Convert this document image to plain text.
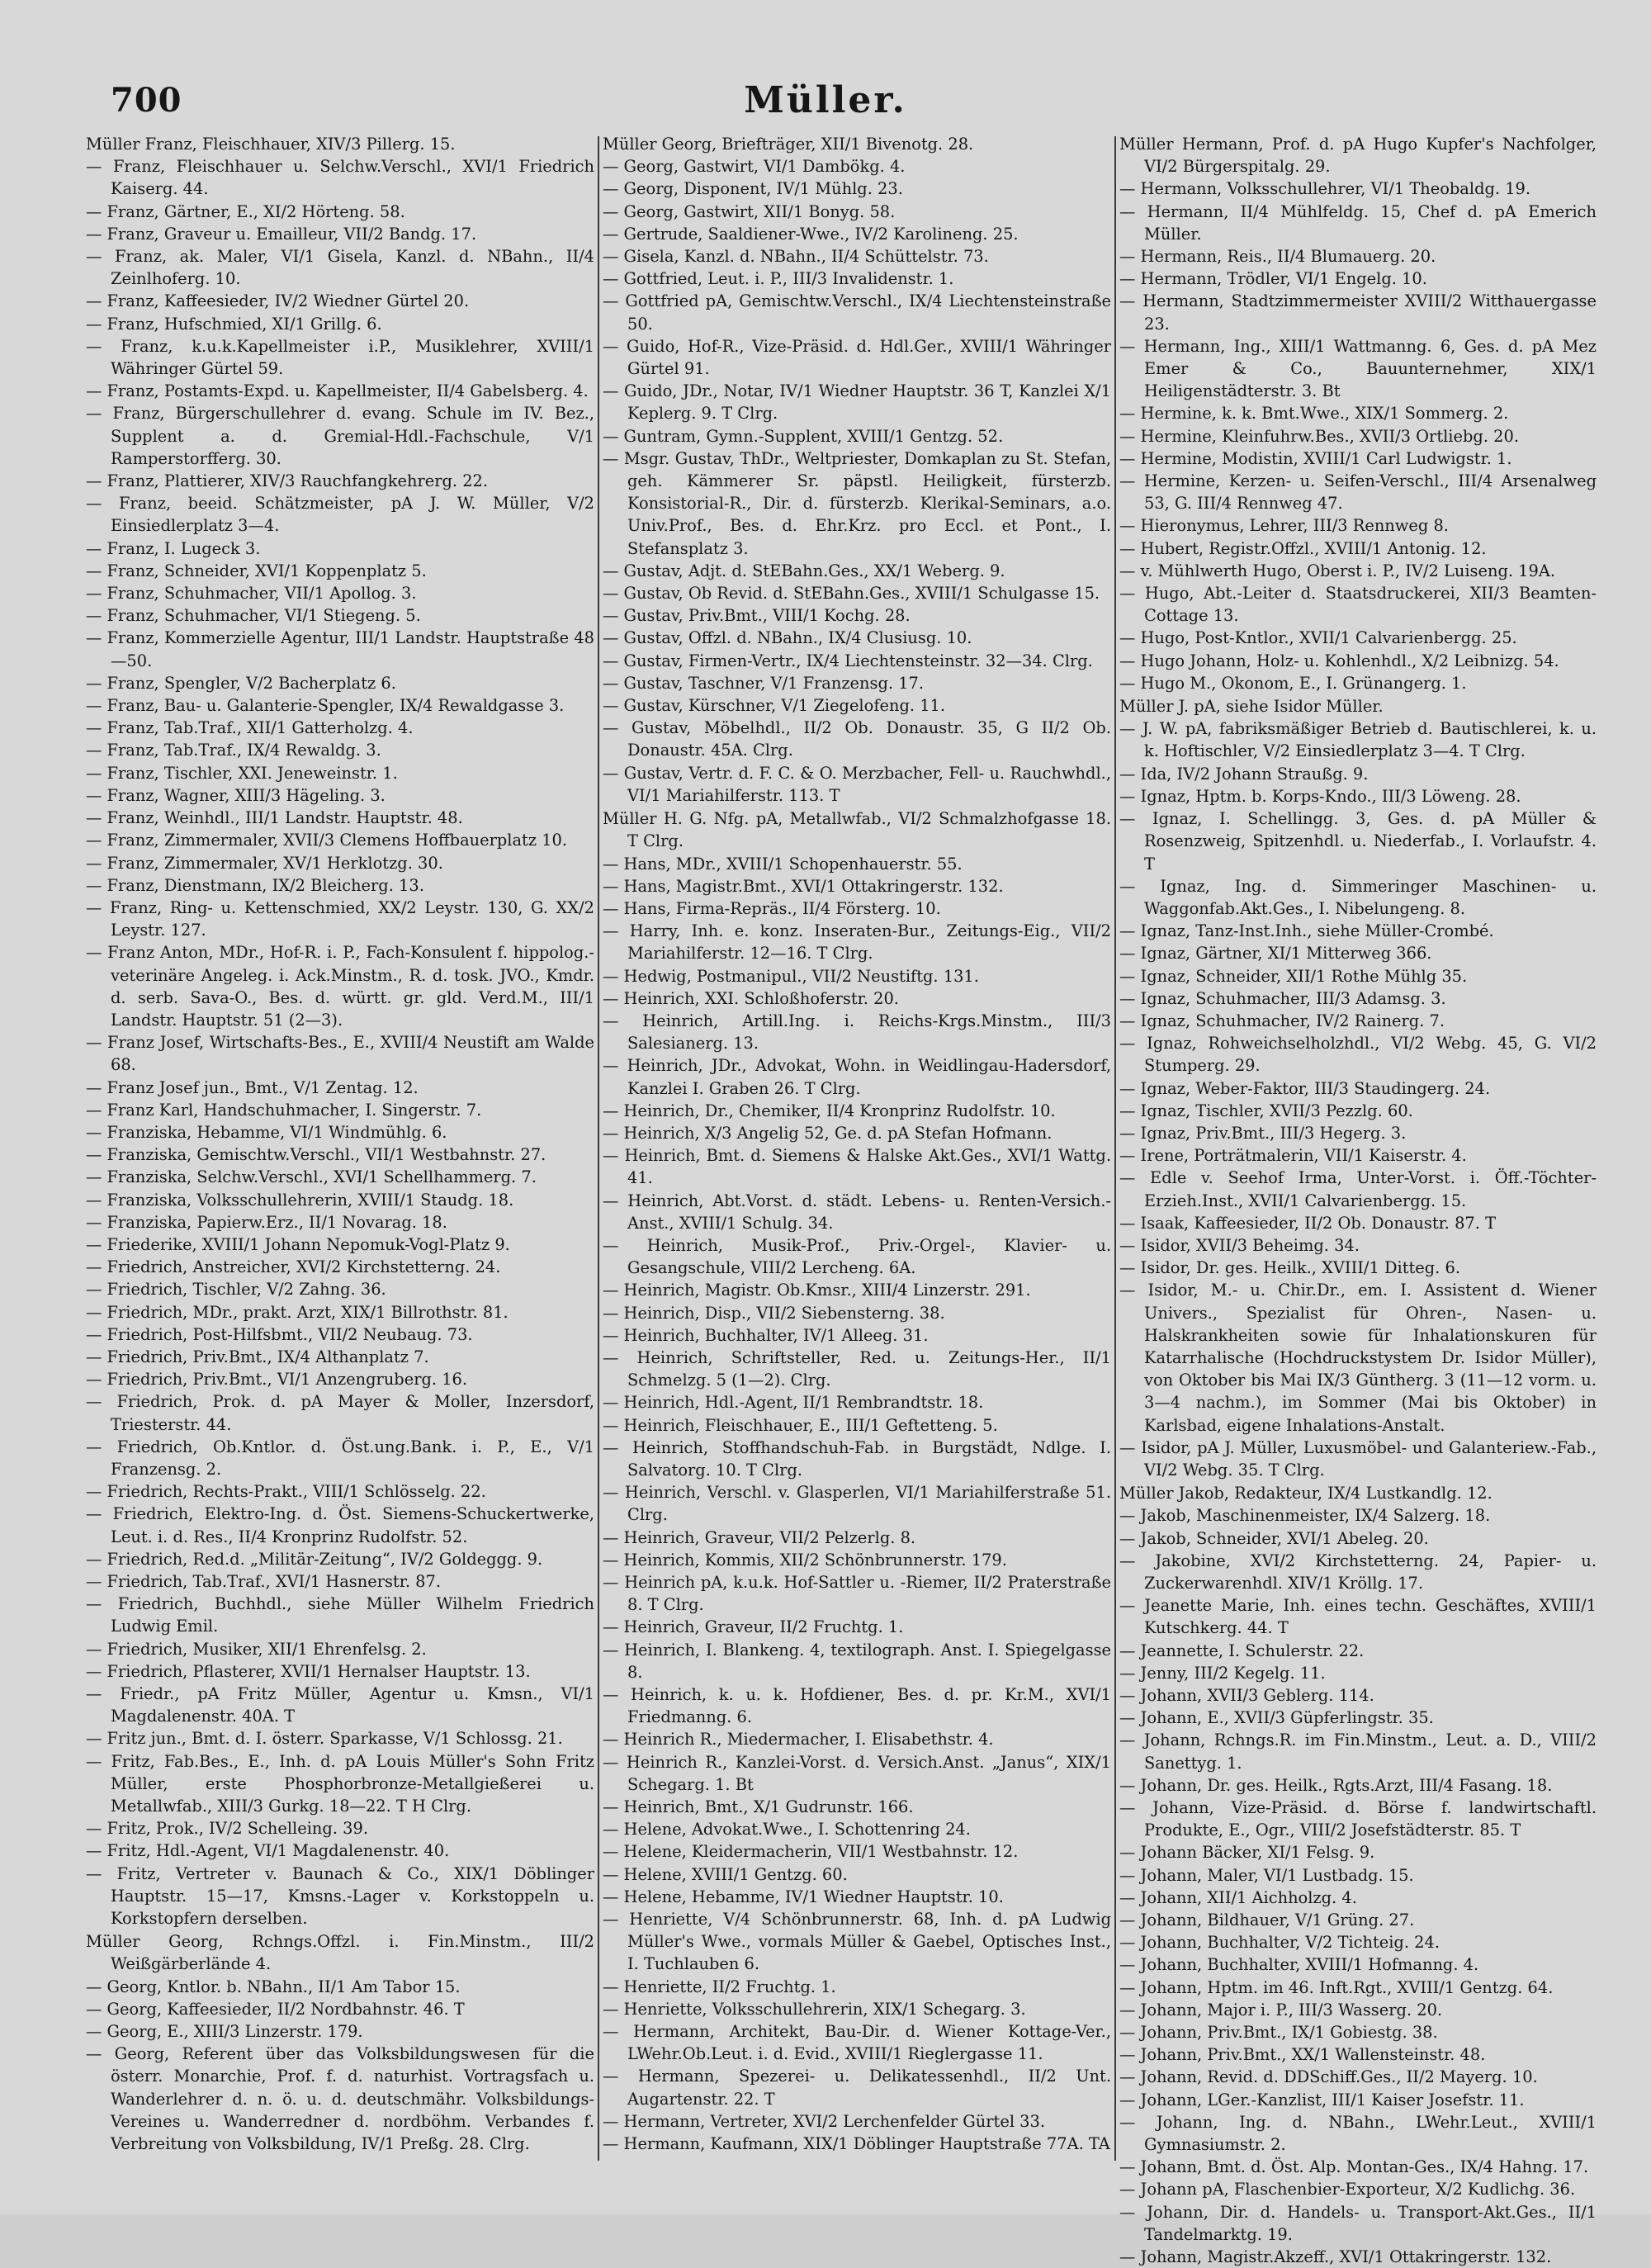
700	Müller.

Müller Franz, Fleischhauer, XIV/3 Pillerg. 15.

— Franz, Fleischhauer u. Selchw.Verschl., XVI/1 Friedrich Kaiserg. 44.

— Franz, Gärtner, E., XI/2 Hörteng. 58.

— Franz, Graveur u. Emailleur, VII/2 Bandg. 17.

— Franz, ak. Maler, VI/1 Gisela, Kanzl. d. NBahn., II/4 Zeinlhoferg. 10.

— Franz, Kaffeesieder, IV/2 Wiedner Gürtel 20.

— Franz, Hufschmied, XI/1 Grillg. 6.

— Franz, k.u.k.Kapellmeister i.P., Musiklehrer, XVIII/1 Währinger Gürtel 59.

— Franz, Postamts-Expd. u. Kapellmeister, II/4 Gabelsberg. 4.

— Franz, Bürgerschullehrer d. evang. Schule im IV. Bez., Supplent a. d. Gremial-Hdl.-Fachschule, V/1 Ramperstorfferg. 30.

— Franz, Plattierer, XIV/3 Rauchfangkehrerg. 22.

— Franz, beeid. Schätzmeister, pA J. W. Müller, V/2 Einsiedlerplatz 3—4.

— Franz, I. Lugeck 3.

— Franz, Schneider, XVI/1 Koppenplatz 5.

— Franz, Schuhmacher, VII/1 Apollog. 3.

— Franz, Schuhmacher, VI/1 Stiegeng. 5.

— Franz, Kommerzielle Agentur, III/1 Landstr. Hauptstraße 48—50.

— Franz, Spengler, V/2 Bacherplatz 6.

— Franz, Bau- u. Galanterie-Spengler, IX/4 Rewaldgasse 3.

— Franz, Tab.Traf., XII/1 Gatterholzg. 4.

— Franz, Tab.Traf., IX/4 Rewaldg. 3.

— Franz, Tischler, XXI. Jeneweinstr. 1.

— Franz, Wagner, XIII/3 Hägeling. 3.

— Franz, Weinhdl., III/1 Landstr. Hauptstr. 48.

— Franz, Zimmermaler, XVII/3 Clemens Hoffbauerplatz 10.

— Franz, Zimmermaler, XV/1 Herklotzg. 30.

— Franz, Dienstmann, IX/2 Bleicherg. 13.

— Franz, Ring- u. Kettenschmied, XX/2 Leystr. 130, G. XX/2 Leystr. 127.

— Franz Anton, MDr., Hof-R. i. P., Fach-Konsulent f. hippolog.-veterinäre Angeleg. i. Ack.Minstm., R. d. tosk. JVO., Kmdr. d. serb. Sava-O., Bes. d. württ. gr. gld. Verd.M., III/1 Landstr. Hauptstr. 51 (2—3).

— Franz Josef, Wirtschafts-Bes., E., XVIII/4 Neustift am Walde 68.

— Franz Josef jun., Bmt., V/1 Zentag. 12.

— Franz Karl, Handschuhmacher, I. Singerstr. 7.

— Franziska, Hebamme, VI/1 Windmühlg. 6.

— Franziska, Gemischtw.Verschl., VII/1 Westbahnstr. 27.

— Franziska, Selchw.Verschl., XVI/1 Schellhammerg. 7.

— Franziska, Volksschullehrerin, XVIII/1 Staudg. 18.

— Franziska, Papierw.Erz., II/1 Novarag. 18.

— Friederike, XVIII/1 Johann Nepomuk-Vogl-Platz 9.

— Friedrich, Anstreicher, XVI/2 Kirchstetterng. 24.

— Friedrich, Tischler, V/2 Zahng. 36.

— Friedrich, MDr., prakt. Arzt, XIX/1 Billrothstr. 81.

— Friedrich, Post-Hilfsbmt., VII/2 Neubaug. 73.

— Friedrich, Priv.Bmt., IX/4 Althanplatz 7.

— Friedrich, Priv.Bmt., VI/1 Anzengruberg. 16.

— Friedrich, Prok. d. pA Mayer & Moller, Inzersdorf, Triesterstr. 44.

— Friedrich, Ob.Kntlor. d. Öst.ung.Bank. i. P., E., V/1 Franzensg. 2.

— Friedrich, Rechts-Prakt., VIII/1 Schlösselg. 22.

— Friedrich, Elektro-Ing. d. Öst. Siemens-Schuckertwerke, Leut. i. d. Res., II/4 Kronprinz Rudolfstr. 52.

— Friedrich, Red.d. „Militär-Zeitung“, IV/2 Goldeggg. 9.

— Friedrich, Tab.Traf., XVI/1 Hasnerstr. 87.

— Friedrich, Buchhdl., siehe Müller Wilhelm Friedrich Ludwig Emil.

— Friedrich, Musiker, XII/1 Ehrenfelsg. 2.

— Friedrich, Pflasterer, XVII/1 Hernalser Hauptstr. 13.

— Friedr., pA Fritz Müller, Agentur u. Kmsn., VI/1 Magdalenenstr. 40A. T

— Fritz jun., Bmt. d. I. österr. Sparkasse, V/1 Schlossg. 21.

— Fritz, Fab.Bes., E., Inh. d. pA Louis Müller's Sohn Fritz Müller, erste Phosphorbronze-Metallgießerei u. Metallwfab., XIII/3 Gurkg. 18—22. T H Clrg.

— Fritz, Prok., IV/2 Schelleing. 39.

— Fritz, Hdl.-Agent, VI/1 Magdalenenstr. 40.

— Fritz, Vertreter v. Baunach & Co., XIX/1 Döblinger Hauptstr. 15—17, Kmsns.-Lager v. Korkstoppeln u. Korkstopfern derselben.

Müller Georg, Rchngs.Offzl. i. Fin.Minstm., III/2 Weißgärberlände 4.

— Georg, Kntlor. b. NBahn., II/1 Am Tabor 15.

— Georg, Kaffeesieder, II/2 Nordbahnstr. 46. T

— Georg, E., XIII/3 Linzerstr. 179.

— Georg, Referent über das Volksbildungswesen für die österr. Monarchie, Prof. f. d. naturhist. Vortragsfach u. Wanderlehrer d. n. ö. u. d. deutschmähr. Volksbildungs-Vereines u. Wanderredner d. nordböhm. Verbandes f. Verbreitung von Volksbildung, IV/1 Preßg. 28. Clrg.

Müller Georg, Briefträger, XII/1 Bivenotg. 28.

— Georg, Gastwirt, VI/1 Dambökg. 4.

— Georg, Disponent, IV/1 Mühlg. 23.

— Georg, Gastwirt, XII/1 Bonyg. 58.

— Gertrude, Saaldiener-Wwe., IV/2 Karolineng. 25.

— Gisela, Kanzl. d. NBahn., II/4 Schüttelstr. 73.

— Gottfried, Leut. i. P., III/3 Invalidenstr. 1.

— Gottfried pA, Gemischtw.Verschl., IX/4 Liechtensteinstraße 50.

— Guido, Hof-R., Vize-Präsid. d. Hdl.Ger., XVIII/1 Währinger Gürtel 91.

— Guido, JDr., Notar, IV/1 Wiedner Hauptstr. 36 T, Kanzlei X/1 Keplerg. 9. T Clrg.

— Guntram, Gymn.-Supplent, XVIII/1 Gentzg. 52.

— Msgr. Gustav, ThDr., Weltpriester, Domkaplan zu St. Stefan, geh. Kämmerer Sr. päpstl. Heiligkeit, fürsterzb. Konsistorial-R., Dir. d. fürsterzb. Klerikal-Seminars, a.o. Univ.Prof., Bes. d. Ehr.Krz. pro Eccl. et Pont., I. Stefansplatz 3.

— Gustav, Adjt. d. StEBahn.Ges., XX/1 Weberg. 9.

— Gustav, Ob Revid. d. StEBahn.Ges., XVIII/1 Schulgasse 15.

— Gustav, Priv.Bmt., VIII/1 Kochg. 28.

— Gustav, Offzl. d. NBahn., IX/4 Clusiusg. 10.

— Gustav, Firmen-Vertr., IX/4 Liechtensteinstr. 32—34. Clrg.

— Gustav, Taschner, V/1 Franzensg. 17.

— Gustav, Kürschner, V/1 Ziegelofeng. 11.

— Gustav, Möbelhdl., II/2 Ob. Donaustr. 35, G II/2 Ob. Donaustr. 45A. Clrg.

— Gustav, Vertr. d. F. C. & O. Merzbacher, Fell- u. Rauchwhdl., VI/1 Mariahilferstr. 113. T

Müller H. G. Nfg. pA, Metallwfab., VI/2 Schmalzhofgasse 18. T Clrg.

— Hans, MDr., XVIII/1 Schopenhauerstr. 55.

— Hans, Magistr.Bmt., XVI/1 Ottakringerstr. 132.

— Hans, Firma-Repräs., II/4 Försterg. 10.

— Harry, Inh. e. konz. Inseraten-Bur., Zeitungs-Eig., VII/2 Mariahilferstr. 12—16. T Clrg.

— Hedwig, Postmanipul., VII/2 Neustiftg. 131.

— Heinrich, XXI. Schloßhoferstr. 20.

— Heinrich, Artill.Ing. i. Reichs-Krgs.Minstm., III/3 Salesianerg. 13.

— Heinrich, JDr., Advokat, Wohn. in Weidlingau-Hadersdorf, Kanzlei I. Graben 26. T Clrg.

— Heinrich, Dr., Chemiker, II/4 Kronprinz Rudolfstr. 10.

— Heinrich, X/3 Angelig 52, Ge. d. pA Stefan Hofmann.

— Heinrich, Bmt. d. Siemens & Halske Akt.Ges., XVI/1 Wattg. 41.

— Heinrich, Abt.Vorst. d. städt. Lebens- u. Renten-Versich.-Anst., XVIII/1 Schulg. 34.

— Heinrich, Musik-Prof., Priv.-Orgel-, Klavier- u. Gesangschule, VIII/2 Lercheng. 6A.

— Heinrich, Magistr. Ob.Kmsr., XIII/4 Linzerstr. 291.

— Heinrich, Disp., VII/2 Siebensterng. 38.

— Heinrich, Buchhalter, IV/1 Alleeg. 31.

— Heinrich, Schriftsteller, Red. u. Zeitungs-Her., II/1 Schmelzg. 5 (1—2). Clrg.

— Heinrich, Hdl.-Agent, II/1 Rembrandtstr. 18.

— Heinrich, Fleischhauer, E., III/1 Geftetteng. 5.

— Heinrich, Stoffhandschuh-Fab. in Burgstädt, Ndlge. I. Salvatorg. 10. T Clrg.

— Heinrich, Verschl. v. Glasperlen, VI/1 Mariahilferstraße 51. Clrg.

— Heinrich, Graveur, VII/2 Pelzerlg. 8.

— Heinrich, Kommis, XII/2 Schönbrunnerstr. 179.

— Heinrich pA, k.u.k. Hof-Sattler u. -Riemer, II/2 Praterstraße 8. T Clrg.

— Heinrich, Graveur, II/2 Fruchtg. 1.

— Heinrich, I. Blankeng. 4, textilograph. Anst. I. Spiegelgasse 8.

— Heinrich, k. u. k. Hofdiener, Bes. d. pr. Kr.M., XVI/1 Friedmanng. 6.

— Heinrich R., Miedermacher, I. Elisabethstr. 4.

— Heinrich R., Kanzlei-Vorst. d. Versich.Anst. „Janus“, XIX/1 Schegarg. 1. Bt

— Heinrich, Bmt., X/1 Gudrunstr. 166.

— Helene, Advokat.Wwe., I. Schottenring 24.

— Helene, Kleidermacherin, VII/1 Westbahnstr. 12.

— Helene, XVIII/1 Gentzg. 60.

— Helene, Hebamme, IV/1 Wiedner Hauptstr. 10.

— Henriette, V/4 Schönbrunnerstr. 68, Inh. d. pA Ludwig Müller's Wwe., vormals Müller & Gaebel, Optisches Inst., I. Tuchlauben 6.

— Henriette, II/2 Fruchtg. 1.

— Henriette, Volksschullehrerin, XIX/1 Schegarg. 3.

— Hermann, Architekt, Bau-Dir. d. Wiener Kottage-Ver., LWehr.Ob.Leut. i. d. Evid., XVIII/1 Rieglergasse 11.

— Hermann, Spezerei- u. Delikatessenhdl., II/2 Unt. Augartenstr. 22. T

— Hermann, Vertreter, XVI/2 Lerchenfelder Gürtel 33.

— Hermann, Kaufmann, XIX/1 Döblinger Hauptstraße 77A. TA

Müller Hermann, Prof. d. pA Hugo Kupfer's Nachfolger, VI/2 Bürgerspitalg. 29.

— Hermann, Volksschullehrer, VI/1 Theobaldg. 19.

— Hermann, II/4 Mühlfeldg. 15, Chef d. pA Emerich Müller.

— Hermann, Reis., II/4 Blumauerg. 20.

— Hermann, Trödler, VI/1 Engelg. 10.

— Hermann, Stadtzimmermeister XVIII/2 Witthauergasse 23.

— Hermann, Ing., XIII/1 Wattmanng. 6, Ges. d. pA Mez Emer & Co., Bauunternehmer, XIX/1 Heiligenstädterstr. 3. Bt

— Hermine, k. k. Bmt.Wwe., XIX/1 Sommerg. 2.

— Hermine, Kleinfuhrw.Bes., XVII/3 Ortliebg. 20.

— Hermine, Modistin, XVIII/1 Carl Ludwigstr. 1.

— Hermine, Kerzen- u. Seifen-Verschl., III/4 Arsenalweg 53, G. III/4 Rennweg 47.

— Hieronymus, Lehrer, III/3 Rennweg 8.

— Hubert, Registr.Offzl., XVIII/1 Antonig. 12.

— v. Mühlwerth Hugo, Oberst i. P., IV/2 Luiseng. 19A.

— Hugo, Abt.-Leiter d. Staatsdruckerei, XII/3 Beamten-Cottage 13.

— Hugo, Post-Kntlor., XVII/1 Calvarienbergg. 25.

— Hugo Johann, Holz- u. Kohlenhdl., X/2 Leibnizg. 54.

— Hugo M., Okonom, E., I. Grünangerg. 1.

Müller J. pA, siehe Isidor Müller.

— J. W. pA, fabriksmäßiger Betrieb d. Bautischlerei, k. u. k. Hoftischler, V/2 Einsiedlerplatz 3—4. T Clrg.

— Ida, IV/2 Johann Straußg. 9.

— Ignaz, Hptm. b. Korps-Kndo., III/3 Löweng. 28.

— Ignaz, I. Schellingg. 3, Ges. d. pA Müller & Rosenzweig, Spitzenhdl. u. Niederfab., I. Vorlaufstr. 4. T

— Ignaz, Ing. d. Simmeringer Maschinen- u. Waggonfab.Akt.Ges., I. Nibelungeng. 8.

— Ignaz, Tanz-Inst.Inh., siehe Müller-Crombé.

— Ignaz, Gärtner, XI/1 Mitterweg 366.

— Ignaz, Schneider, XII/1 Rothe Mühlg 35.

— Ignaz, Schuhmacher, III/3 Adamsg. 3.

— Ignaz, Schuhmacher, IV/2 Rainerg. 7.

— Ignaz, Rohweichselholzhdl., VI/2 Webg. 45, G. VI/2 Stumperg. 29.

— Ignaz, Weber-Faktor, III/3 Staudingerg. 24.

— Ignaz, Tischler, XVII/3 Pezzlg. 60.

— Ignaz, Priv.Bmt., III/3 Hegerg. 3.

— Irene, Porträtmalerin, VII/1 Kaiserstr. 4.

— Edle v. Seehof Irma, Unter-Vorst. i. Öff.-Töchter-Erzieh.Inst., XVII/1 Calvarienbergg. 15.

— Isaak, Kaffeesieder, II/2 Ob. Donaustr. 87. T

— Isidor, XVII/3 Beheimg. 34.

— Isidor, Dr. ges. Heilk., XVIII/1 Ditteg. 6.

— Isidor, M.- u. Chir.Dr., em. I. Assistent d. Wiener Univers., Spezialist für Ohren-, Nasen- u. Halskrankheiten sowie für Inhalationskuren für Katarrhalische (Hochdruckstystem Dr. Isidor Müller), von Oktober bis Mai IX/3 Güntherg. 3 (11—12 vorm. u. 3—4 nachm.), im Sommer (Mai bis Oktober) in Karlsbad, eigene Inhalations-Anstalt.

— Isidor, pA J. Müller, Luxusmöbel- und Galanteriew.-Fab., VI/2 Webg. 35. T Clrg.

Müller Jakob, Redakteur, IX/4 Lustkandlg. 12.

— Jakob, Maschinenmeister, IX/4 Salzerg. 18.

— Jakob, Schneider, XVI/1 Abeleg. 20.

— Jakobine, XVI/2 Kirchstetterng. 24, Papier- u. Zuckerwarenhdl. XIV/1 Kröllg. 17.

— Jeanette Marie, Inh. eines techn. Geschäftes, XVIII/1 Kutschkerg. 44. T

— Jeannette, I. Schulerstr. 22.

— Jenny, III/2 Kegelg. 11.

— Johann, XVII/3 Geblerg. 114.

— Johann, E., XVII/3 Güpferlingstr. 35.

— Johann, Rchngs.R. im Fin.Minstm., Leut. a. D., VIII/2 Sanettyg. 1.

— Johann, Dr. ges. Heilk., Rgts.Arzt, III/4 Fasang. 18.

— Johann, Vize-Präsid. d. Börse f. landwirtschaftl. Produkte, E., Ogr., VIII/2 Josefstädterstr. 85. T

— Johann Bäcker, XI/1 Felsg. 9.

— Johann, Maler, VI/1 Lustbadg. 15.

— Johann, XII/1 Aichholzg. 4.

— Johann, Bildhauer, V/1 Grüng. 27.

— Johann, Buchhalter, V/2 Tichteig. 24.

— Johann, Buchhalter, XVIII/1 Hofmanng. 4.

— Johann, Hptm. im 46. Inft.Rgt., XVIII/1 Gentzg. 64.

— Johann, Major i. P., III/3 Wasserg. 20.

— Johann, Priv.Bmt., IX/1 Gobiestg. 38.

— Johann, Priv.Bmt., XX/1 Wallensteinstr. 48.

— Johann, Revid. d. DDSchiff.Ges., II/2 Mayerg. 10.

— Johann, LGer.-Kanzlist, III/1 Kaiser Josefstr. 11.

— Johann, Ing. d. NBahn., LWehr.Leut., XVIII/1 Gymnasiumstr. 2.

— Johann, Bmt. d. Öst. Alp. Montan-Ges., IX/4 Hahng. 17.

— Johann pA, Flaschenbier-Exporteur, X/2 Kudlichg. 36.

— Johann, Dir. d. Handels- u. Transport-Akt.Ges., II/1 Tandelmarktg. 19.

— Johann, Magistr.Akzeff., XVI/1 Ottakringerstr. 132.
